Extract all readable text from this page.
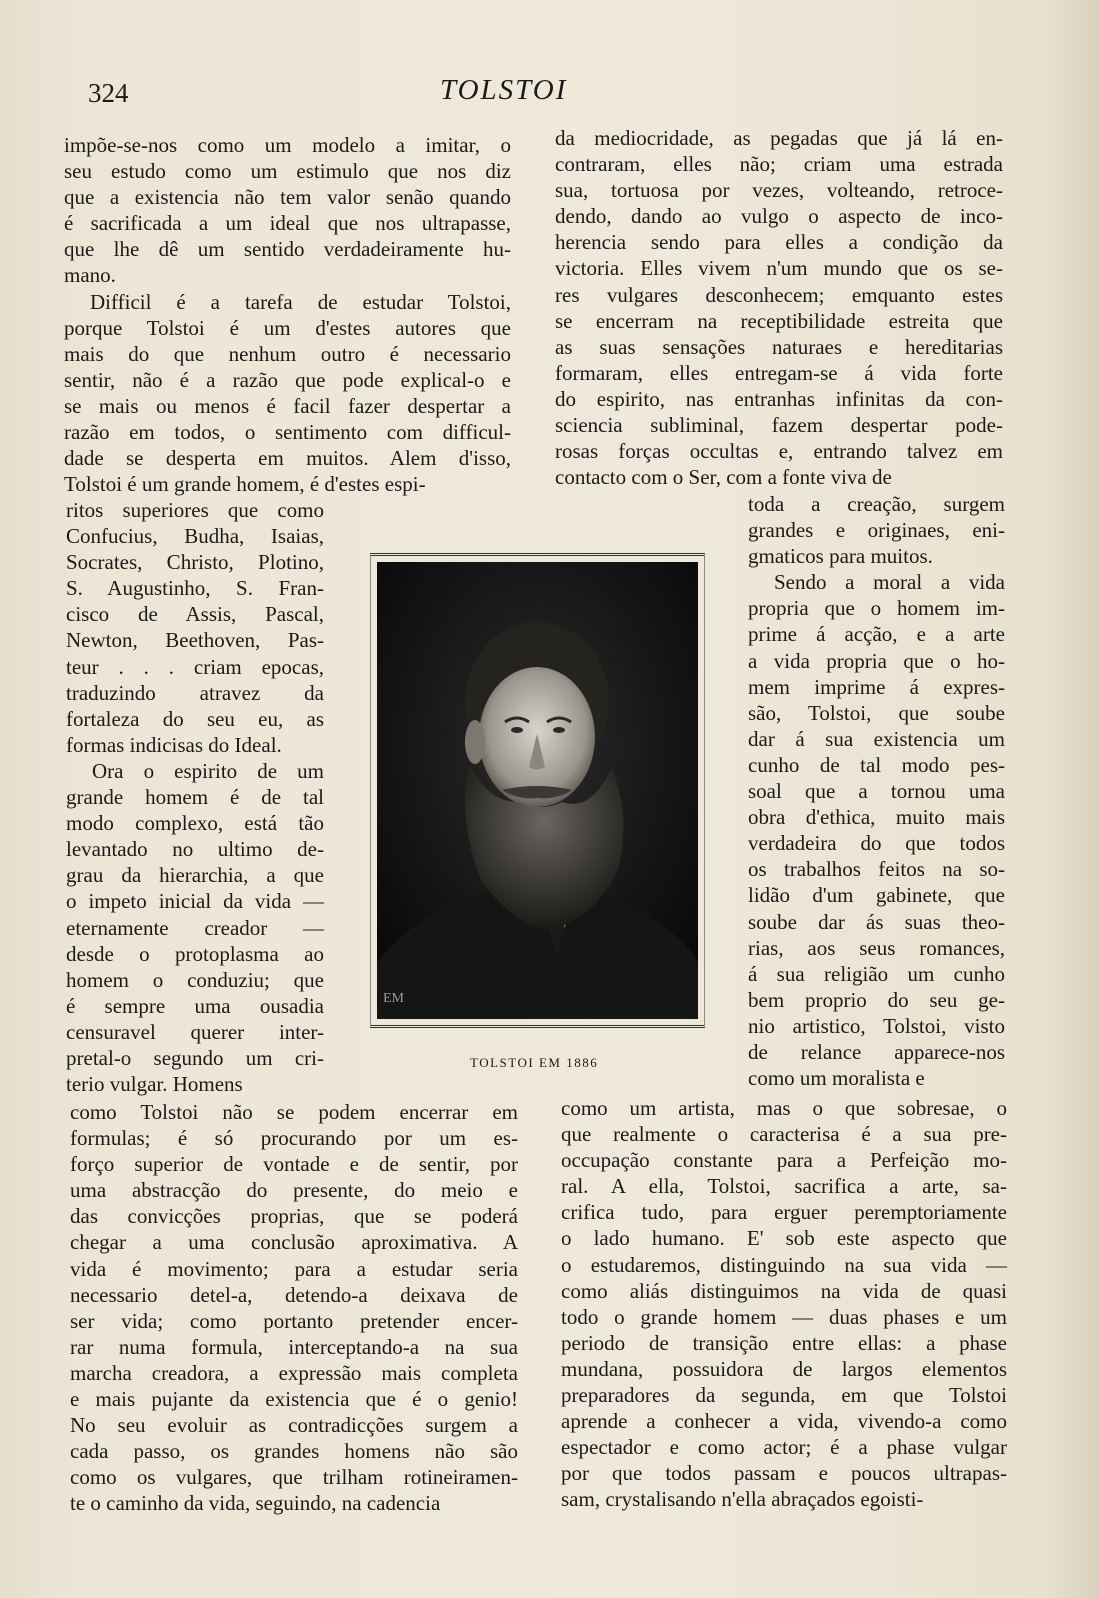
324	TOLSTOI
impõe-se-nos como um modelo a imitar, o
seu estudo como um estimulo que nos diz
que a existencia não tem valor senão quando
é sacrificada a um ideal que nos ultrapasse,
que lhe dê um sentido verdadeiramente hu-
mano.
Difficil é a tarefa de estudar Tolstoi,
porque Tolstoi é um d'estes autores que
mais do que nenhum outro é necessario
sentir, não é a razão que pode explical-o e
se mais ou menos é facil fazer despertar a
razão em todos, o sentimento com difficul-
dade se desperta em muitos. Alem d'isso,
Tolstoi é um grande homem, é d'estes espi-
ritos superiores que como
Confucius, Budha, Isaias,
Socrates, Christo, Plotino,
S. Augustinho, S. Fran-
cisco de Assis, Pascal,
Newton, Beethoven, Pas-
teur . . . criam epocas,
traduzindo atravez da
fortaleza do seu eu, as
formas indicisas do Ideal.
Ora o espirito de um
grande homem é de tal
modo complexo, está tão
levantado no ultimo de-
grau da hierarchia, a que
o impeto inicial da vida —
eternamente creador —
desde o protoplasma ao
homem o conduziu; que
é sempre uma ousadia
censuravel querer inter-
pretal-o segundo um cri-
terio vulgar. Homens
como Tolstoi não se podem encerrar em
formulas; é só procurando por um es-
forço superior de vontade e de sentir, por
uma abstracção do presente, do meio e
das convicções proprias, que se poderá
chegar a uma conclusão aproximativa. A
vida é movimento; para a estudar seria
necessario detel-a, detendo-a deixava de
ser vida; como portanto pretender encer-
rar numa formula, interceptando-a na sua
marcha creadora, a expressão mais completa
e mais pujante da existencia que é o genio!
No seu evoluir as contradicções surgem a
cada passo, os grandes homens não são
como os vulgares, que trilham rotineiramen-
te o caminho da vida, seguindo, na cadencia
da mediocridade, as pegadas que já lá en-
contraram, elles não; criam uma estrada
sua, tortuosa por vezes, volteando, retroce-
dendo, dando ao vulgo o aspecto de inco-
herencia sendo para elles a condição da
victoria. Elles vivem n'um mundo que os se-
res vulgares desconhecem; emquanto estes
se encerram na receptibilidade estreita que
as suas sensações naturaes e hereditarias
formaram, elles entregam-se á vida forte
do espirito, nas entranhas infinitas da con-
sciencia subliminal, fazem despertar pode-
rosas forças occultas e, entrando talvez em
contacto com o Ser, com a fonte viva de
toda a creação, surgem
grandes e originaes, eni-
gmaticos para muitos.
Sendo a moral a vida
propria que o homem im-
prime á acção, e a arte
a vida propria que o ho-
mem imprime á expres-
são, Tolstoi, que soube
dar á sua existencia um
cunho de tal modo pes-
soal que a tornou uma
obra d'ethica, muito mais
verdadeira do que todos
os trabalhos feitos na so-
lidão d'um gabinete, que
soube dar ás suas theo-
rias, aos seus romances,
á sua religião um cunho
bem proprio do seu ge-
nio artistico, Tolstoi, visto
de relance apparece-nos
como um moralista e
como um artista, mas o que sobresae, o
que realmente o caracterisa é a sua pre-
occupação constante para a Perfeição mo-
ral. A ella, Tolstoi, sacrifica a arte, sa-
crifica tudo, para erguer peremptoriamente
o lado humano. E' sob este aspecto que
o estudaremos, distinguindo na sua vida —
como aliás distinguimos na vida de quasi
todo o grande homem — duas phases e um
periodo de transição entre ellas: a phase
mundana, possuidora de largos elementos
preparadores da segunda, em que Tolstoi
aprende a conhecer a vida, vivendo-a como
espectador e como actor; é a phase vulgar
por que todos passam e poucos ultrapas-
sam, crystalisando n'ella abraçados egoisti-
EM
TOLSTOI EM 1886
